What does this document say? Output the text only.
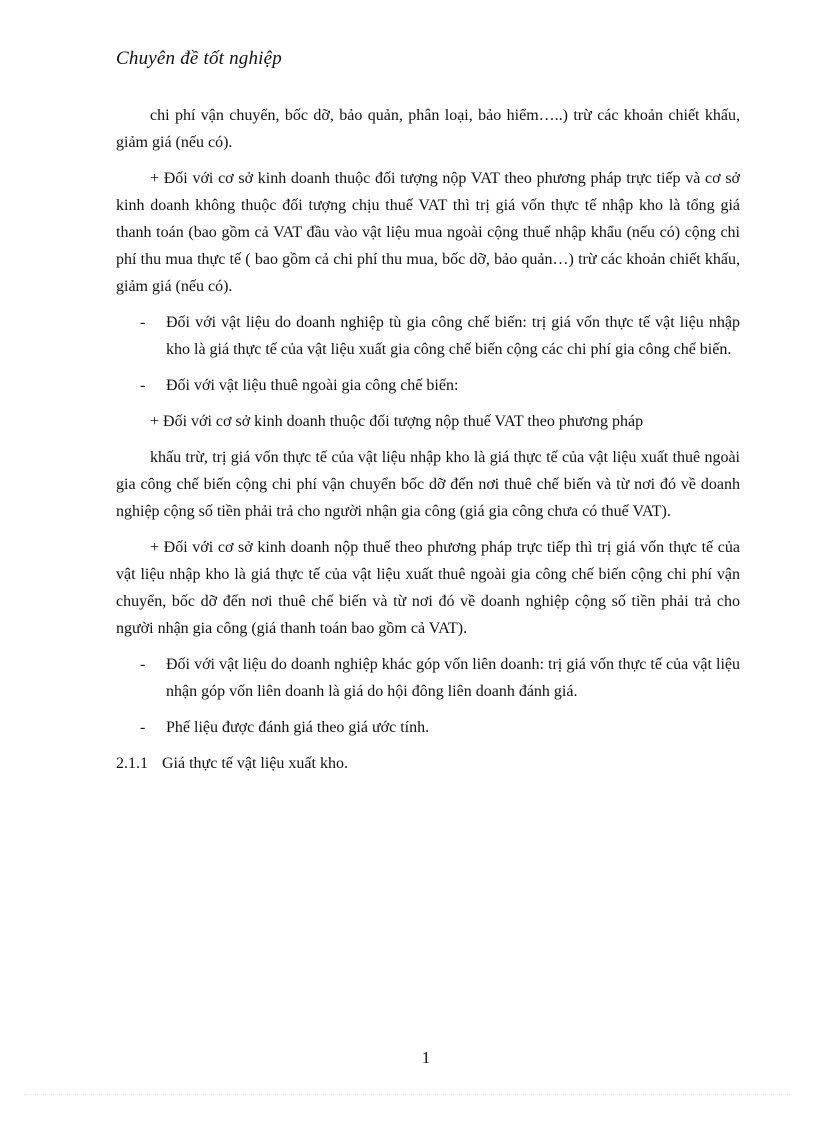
Chuyên đề tốt nghiệp

chi phí vận chuyển, bốc dỡ, bảo quản, phân loại, bảo hiểm…..) trừ các khoản chiết khấu, giảm giá (nếu có).

+ Đối với cơ sở kinh doanh thuộc đối tượng nộp VAT theo phương pháp trực tiếp và cơ sở kinh doanh không thuộc đối tượng chịu thuế VAT thì trị giá vốn thực tế nhập kho là tổng giá thanh toán (bao gồm cả VAT đầu vào vật liệu mua ngoài cộng thuế nhập khẩu (nếu có) cộng chi phí thu mua thực tế ( bao gồm cả chi phí thu mua, bốc dỡ, bảo quản…) trừ các khoản chiết khấu, giảm giá (nếu có).

- Đối với vật liệu do doanh nghiệp tù gia công chế biến: trị giá vốn thực tế vật liệu nhập kho là giá thực tế của vật liệu xuất gia công chế biến cộng các chi phí gia công chế biến.
- Đối với vật liệu thuê ngoài gia công chế biến:

+ Đối với cơ sở kinh doanh thuộc đối tượng nộp thuế VAT theo phương pháp

khấu trừ, trị giá vốn thực tế của vật liệu nhập kho là giá thực tế của vật liệu xuất thuê ngoài gia công chế biến cộng chi phí vận chuyển bốc dỡ đến nơi thuê chế biến và từ nơi đó về doanh nghiệp cộng số tiền phải trả cho người nhận gia công (giá gia công chưa có thuế VAT).

+ Đối với cơ sở kinh doanh nộp thuế theo phương pháp trực tiếp thì trị giá vốn thực tế của vật liệu nhập kho là giá thực tế của vật liệu xuất thuê ngoài gia công chế biến cộng chi phí vận chuyển, bốc dỡ đến nơi thuê chế biến và từ nơi đó về doanh nghiệp cộng số tiền phải trả cho người nhận gia công (giá thanh toán bao gồm cả VAT).

- Đối với vật liệu do doanh nghiệp khác góp vốn liên doanh: trị giá vốn thực tế của vật liệu nhận góp vốn liên doanh là giá do hội đông liên doanh đánh giá.
- Phế liệu được đánh giá theo giá ước tính.
2.1.1 Giá thực tế vật liệu xuất kho.
1
